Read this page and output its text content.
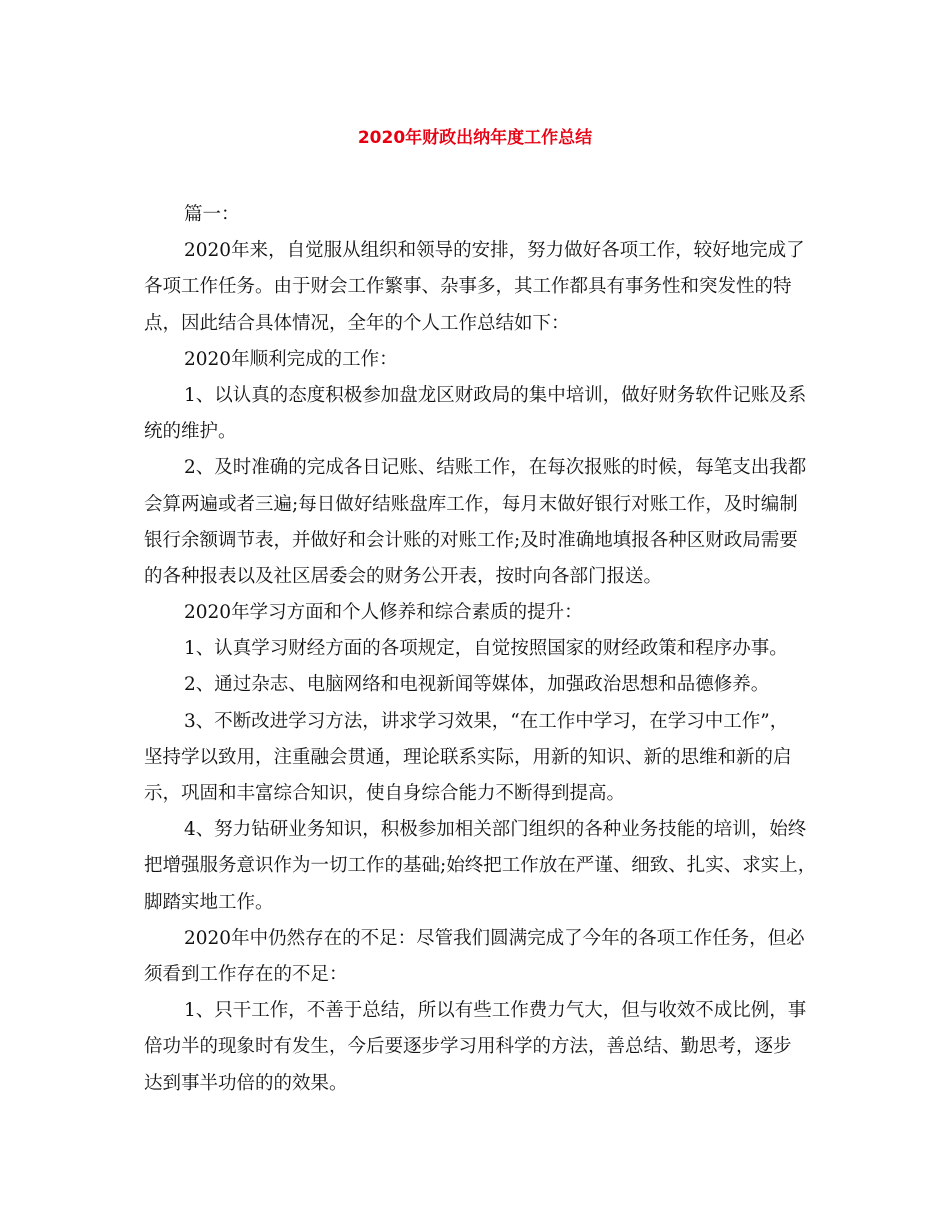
2020年财政出纳年度工作总结
篇一：
2020年来，自觉服从组织和领导的安排，努力做好各项工作，较好地完成了
各项工作任务。由于财会工作繁事、杂事多，其工作都具有事务性和突发性的特
点，因此结合具体情况，全年的个人工作总结如下：
2020年顺利完成的工作：
1、以认真的态度积极参加盘龙区财政局的集中培训，做好财务软件记账及系
统的维护。
2、及时准确的完成各日记账、结账工作，在每次报账的时候，每笔支出我都
会算两遍或者三遍;每日做好结账盘库工作，每月末做好银行对账工作，及时编制
银行余额调节表，并做好和会计账的对账工作;及时准确地填报各种区财政局需要
的各种报表以及社区居委会的财务公开表，按时向各部门报送。
2020年学习方面和个人修养和综合素质的提升：
1、认真学习财经方面的各项规定，自觉按照国家的财经政策和程序办事。
2、通过杂志、电脑网络和电视新闻等媒体，加强政治思想和品德修养。
3、不断改进学习方法，讲求学习效果，“在工作中学习，在学习中工作”，
坚持学以致用，注重融会贯通，理论联系实际，用新的知识、新的思维和新的启
示，巩固和丰富综合知识，使自身综合能力不断得到提高。
4、努力钻研业务知识，积极参加相关部门组织的各种业务技能的培训，始终
把增强服务意识作为一切工作的基础;始终把工作放在严谨、细致、扎实、求实上，
脚踏实地工作。
2020年中仍然存在的不足：尽管我们圆满完成了今年的各项工作任务，但必
须看到工作存在的不足：
1、只干工作，不善于总结，所以有些工作费力气大，但与收效不成比例，事
倍功半的现象时有发生，今后要逐步学习用科学的方法，善总结、勤思考，逐步
达到事半功倍的的效果。
